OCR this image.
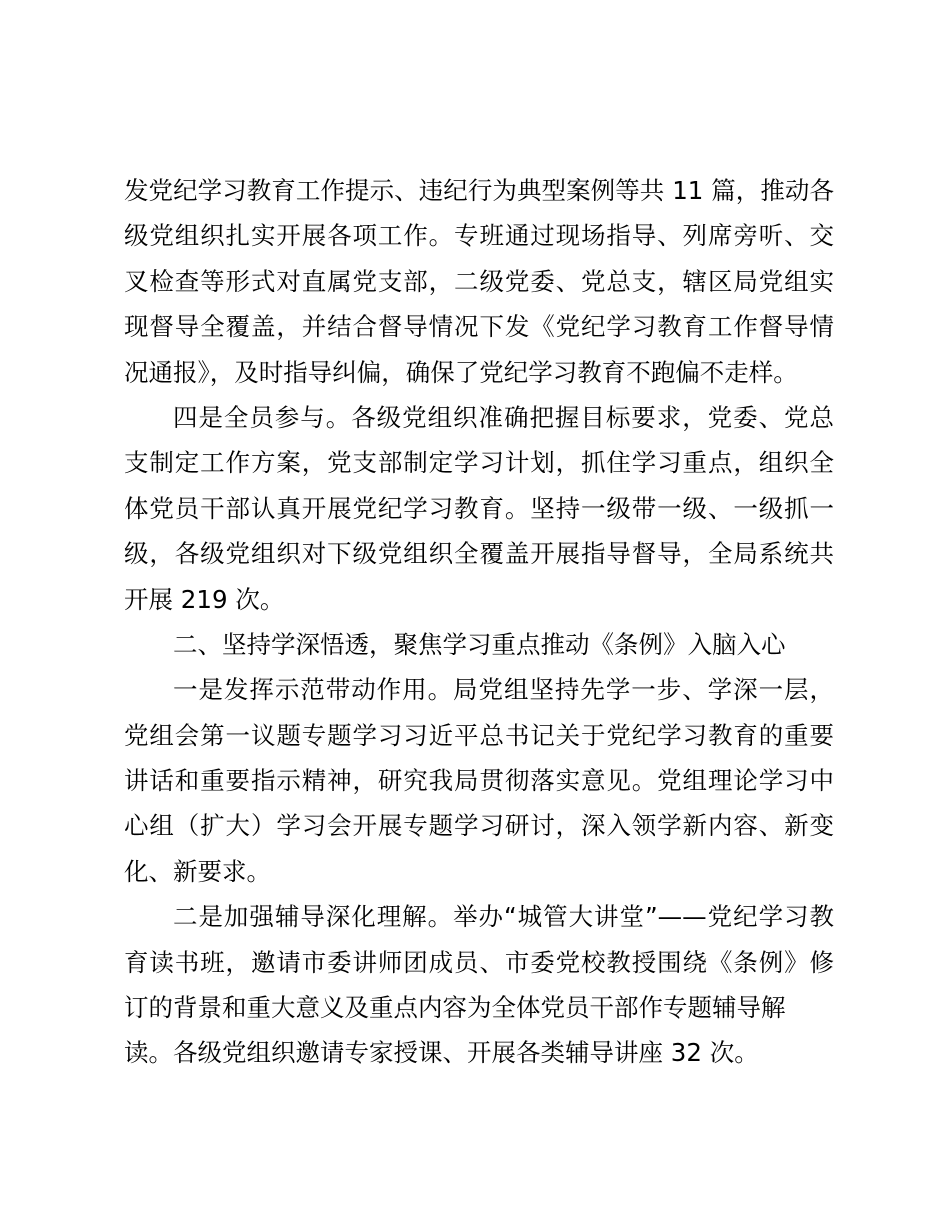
发党纪学习教育工作提示、违纪行为典型案例等共 11 篇，推动各
级党组织扎实开展各项工作。专班通过现场指导、列席旁听、交
叉检查等形式对直属党支部，二级党委、党总支，辖区局党组实
现督导全覆盖，并结合督导情况下发《党纪学习教育工作督导情
况通报》，及时指导纠偏，确保了党纪学习教育不跑偏不走样。
四是全员参与。各级党组织准确把握目标要求，党委、党总
支制定工作方案，党支部制定学习计划，抓住学习重点，组织全
体党员干部认真开展党纪学习教育。坚持一级带一级、一级抓一
级，各级党组织对下级党组织全覆盖开展指导督导，全局系统共
开展 219 次。
二、坚持学深悟透，聚焦学习重点推动《条例》入脑入心
一是发挥示范带动作用。局党组坚持先学一步、学深一层，
党组会第一议题专题学习习近平总书记关于党纪学习教育的重要
讲话和重要指示精神，研究我局贯彻落实意见。党组理论学习中
心组（扩大）学习会开展专题学习研讨，深入领学新内容、新变
化、新要求。
二是加强辅导深化理解。举办“城管大讲堂”——党纪学习教
育读书班，邀请市委讲师团成员、市委党校教授围绕《条例》修
订的背景和重大意义及重点内容为全体党员干部作专题辅导解
读。各级党组织邀请专家授课、开展各类辅导讲座 32 次。
